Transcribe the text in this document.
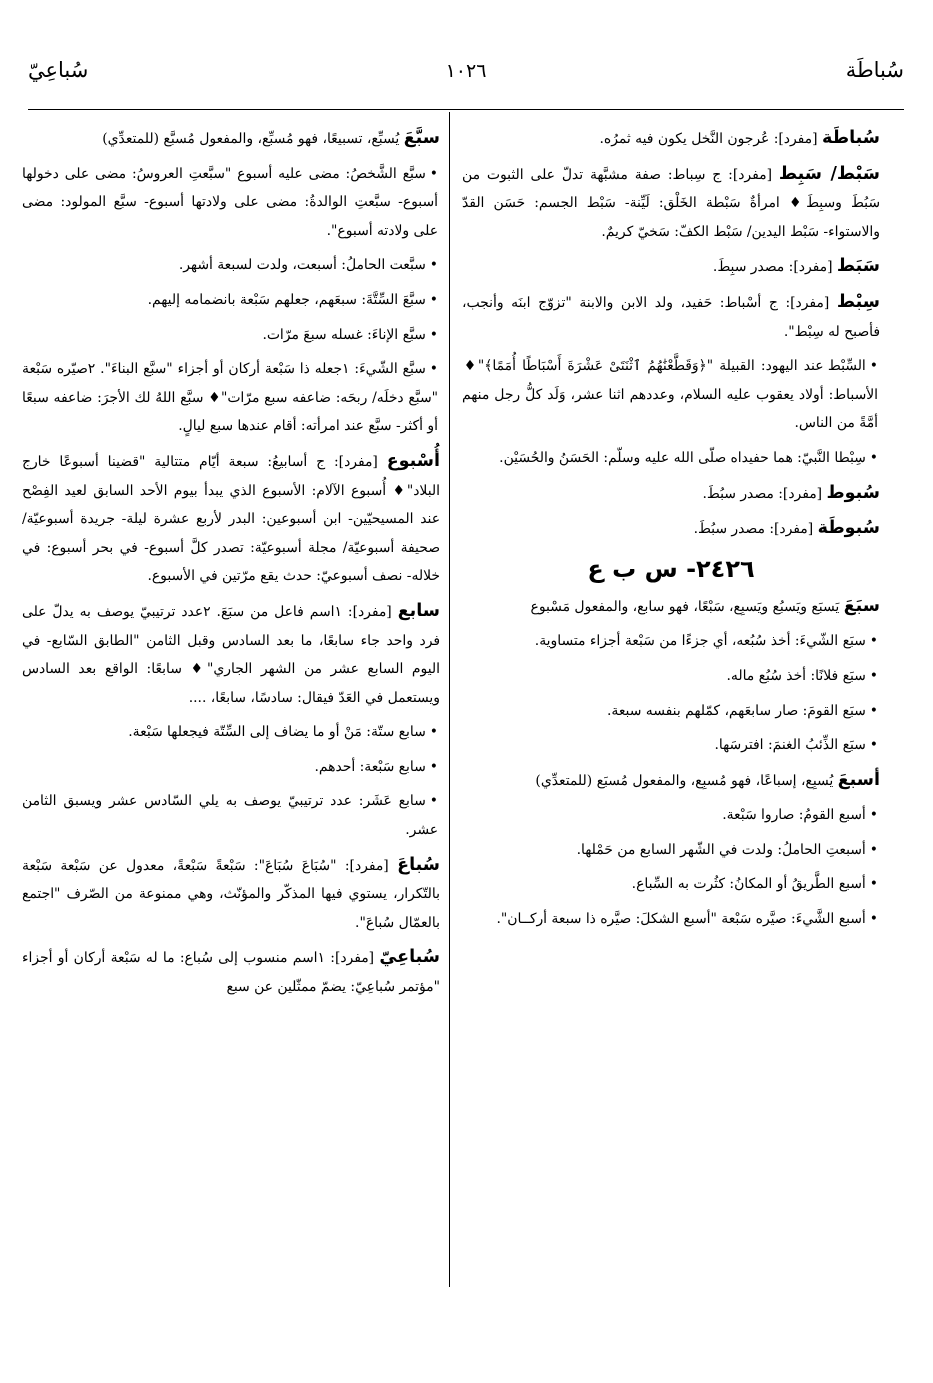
سُباطَة
١٠٢٦
سُباعِيّ
سُباطَة [مفرد]: عُرجون النَّخل يكون فيه ثمرُه.
سَبْط/ سَبِط [مفرد]: ج سِباط: صفة مشبَّهة تدلّ على الثبوت من سَبُطَ وسبِطَ♦ امرأةٌ سَبْطة الخَلْق: لَيِّنة- سَبْط الجسم: حَسَن القدّ والاستواء- سَبْط اليدين/ سَبْط الكفّ: سَخيّ كريمٌ.
سَبَط [مفرد]: مصدر سبِطَ.
سِبْط [مفرد]: ج أسْباط: حَفيد، ولد الابن والابنة "تزوّج ابنَه وأنجب، فأصبح له سِبْط".
•السِّبْط عند اليهود: القبيلة "﴿وَقَطَّعْنَٰهُمُ ٱثْنَتَىْ عَشْرَةَ أَسْبَاطًا أُمَمًا﴾"♦ الأسباط: أولاد يعقوب عليه السلام، وعددهم اثنا عشر، وَلَد كلُّ رجل منهم أمَّةً من الناس.
•سِبْطا النَّبيّ: هما حفيداه صلّى الله عليه وسلّم: الحَسَنُ والحُسَيْن.
سُبوط [مفرد]: مصدر سبُطَ.
سُبوطَة [مفرد]: مصدر سبُطَ.
٢٤٢٦- س ب ع
سبَعَ يَسبَع ويَسبُع ويَسبِع، سَبْعًا، فهو سابع، والمفعول مَسْبوع
•سبَع الشّيءَ: أخذ سُبُعه، أي جزءًا من سَبْعة أجزاء متساوية.
•سبَع فلانًا: أخذ سُبُع ماله.
•سبَع القومَ: صار سابعَهم، كمّلهم بنفسه سبعة.
•سبَع الذِّئبُ الغنمَ: افترسَها.
أسبعَ يُسبِع، إسباعًا، فهو مُسبِع، والمفعول مُسبَع (للمتعدِّي)
•أسبع القومُ: صاروا سَبْعة.
•أسبعتِ الحاملُ: ولدت في الشّهر السابع من حَمْلها.
•أسبع الطَّريقُ أو المكانُ: كثُرت به السِّباع.
•أسبع الشَّيءَ: صيَّره سَبْعة "أسبع الشكلَ: صيَّره ذا سبعة أركــان".
سبَّعَ يُسبِّع، تسبيعًا، فهو مُسبِّع، والمفعول مُسبَّع (للمتعدِّي)
•سبَّع الشَّخصُ: مضى عليه أسبوع "سبَّعتِ العروسُ: مضى على دخولها أسبوع- سبَّعتِ الوالدةُ: مضى على ولادتها أسبوع- سبَّع المولود: مضى على ولادته أسبوع".
•سبَّعت الحاملُ: أسبعت، ولدت لسبعة أشهر.
•سبَّعَ السِّتَّةَ: سبعَهم، جعلهم سَبْعة بانضمامه إليهم.
•سبَّع الإناءَ: غسله سبعَ مرّات.
•سبَّع الشّيءَ: ١جعله ذا سَبْعة أركان أو أجزاء "سبَّع البناءَ". ٢صيّره سَبْعة "سبَّع دخلَه/ ربحَه: ضاعفه سبع مرّات"♦ سبَّع اللهُ لك الأجرَ: ضاعفه سبعًا أو أكثر- سبَّع عند امرأته: أقام عندها سبع ليالٍ.
أُسْبوع [مفرد]: ج أسابيعُ: سبعة أيّام متتالية "قضينا أسبوعًا خارج البلاد"♦ أُسبوع الآلام: الأسبوع الذي يبدأ بيوم الأحد السابق لعيد الفِصْح عند المسيحيّين- ابن أسبوعين: البدر لأربع عشرة ليلة- جريدة أسبوعيّة/ صحيفة أسبوعيّة/ مجلة أسبوعيّة: تصدر كلَّ أسبوع- في بحر أسبوع: في خلاله- نصف أسبوعيّ: حدث يقع مرّتين في الأسبوع.
سابع [مفرد]: ١اسم فاعل من سبَعَ. ٢عدد ترتيبيّ يوصف به يدلّ على فرد واحد جاء سابعًا، ما بعد السادس وقبل الثامن "الطابق السّابع- في اليوم السابع عشر من الشهر الجاري"♦ سابعًا: الواقع بعد السادس ويستعمل في العَدّ فيقال: سادسًا، سابعًا، ....
•سابع ستّة: مَنْ أو ما يضاف إلى السِّتّة فيجعلها سَبْعة.
•سابع سَبْعة: أحدهم.
•سابع عَشَر: عدد ترتيبيّ يوصف به يلي السّادس عشر ويسبق الثامن عشر.
سُباعَ [مفرد]: "سُبَاعَ سُبَاعَ": سَبْعةً سَبْعةً، معدول عن سَبْعة سَبْعة بالتّكرار، يستوي فيها المذكّر والمؤنّث، وهي ممنوعة من الصّرف "اجتمع بالعمّال سُباعَ".
سُباعِيّ [مفرد]: ١اسم منسوب إلى سُباع: ما له سَبْعة أركان أو أجزاء "مؤتمر سُباعِيّ: يضمّ ممثّلين عن سبع
